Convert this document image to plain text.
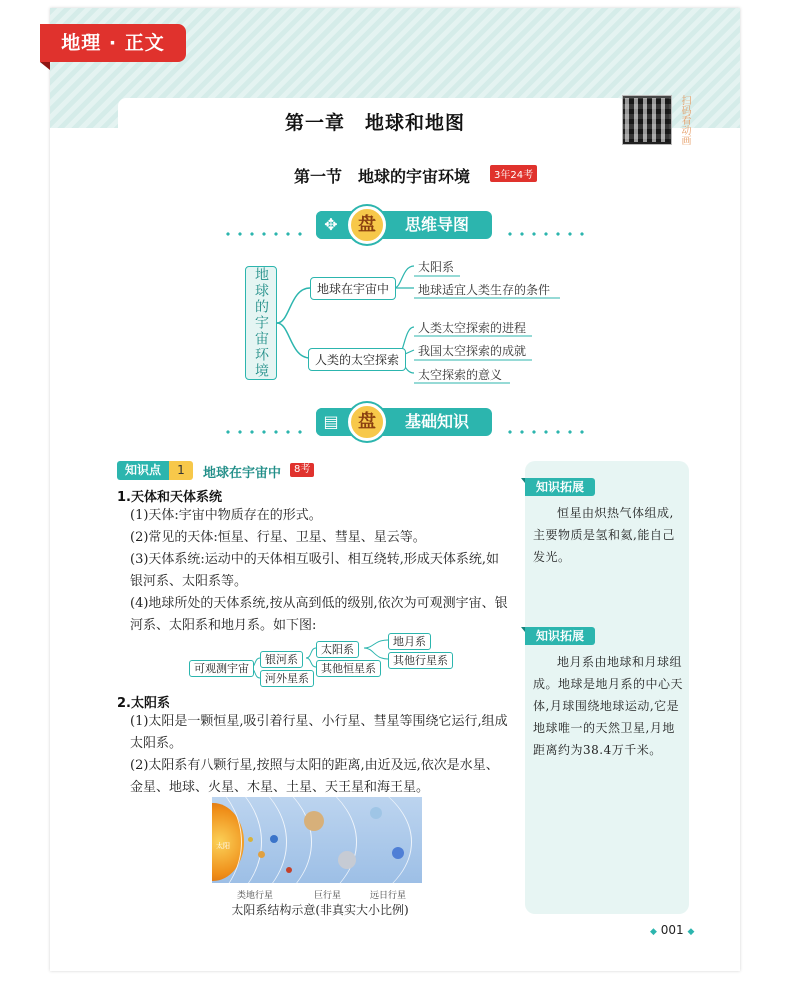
地理 · 正文
扫码看动画
第一章　地球和地图
第一节　地球的宇宙环境	3年24考
✥	盘	思维导图
地球的宇宙环境	地球在宇宙中
人类的太空探索
太阳系
地球适宜人类生存的条件
人类太空探索的进程
我国太空探索的成就
太空探索的意义
▤	盘	基础知识
知识点	1	地球在宇宙中	8考
1.天体和天体系统
(1)天体:宇宙中物质存在的形式。
(2)常见的天体:恒星、行星、卫星、彗星、星云等。
(3)天体系统:运动中的天体相互吸引、相互绕转,形成天体系统,如银河系、太阳系等。
(4)地球所处的天体系统,按从高到低的级别,依次为可观测宇宙、银河系、太阳系和地月系。如下图:
可观测宇宙
银河系
河外星系
太阳系
其他恒星系
地月系
其他行星系
2.太阳系
(1)太阳是一颗恒星,吸引着行星、小行星、彗星等围绕它运行,组成太阳系。
(2)太阳系有八颗行星,按照与太阳的距离,由近及远,依次是水星、金星、地球、火星、木星、土星、天王星和海王星。
太阳
类地行星	巨行星	远日行星
太阳系结构示意(非真实大小比例)
知识拓展
恒星由炽热气体组成,主要物质是氢和氦,能自己发光。
知识拓展
地月系由地球和月球组成。地球是地月系的中心天体,月球围绕地球运动,它是地球唯一的天然卫星,月地距离约为38.4万千米。
◆ 001 ◆
